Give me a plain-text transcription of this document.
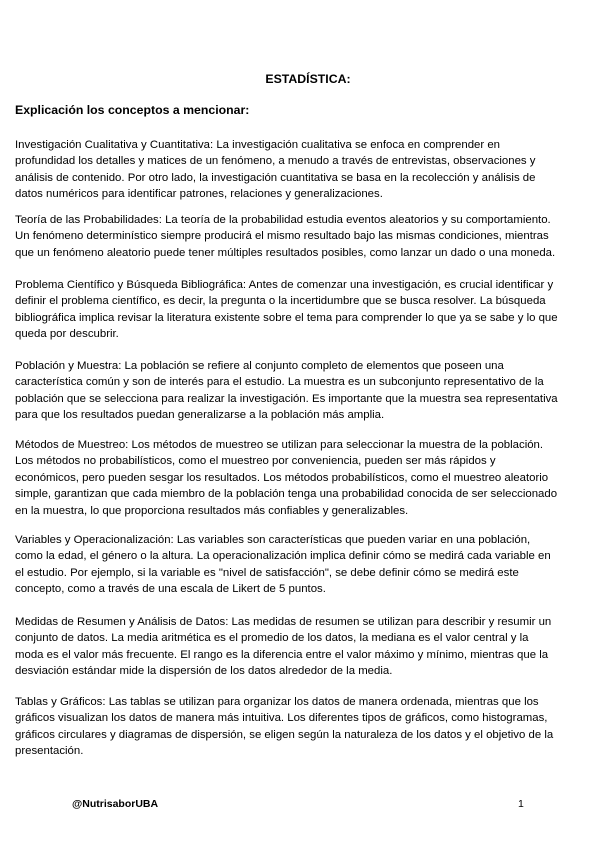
ESTADÍSTICA:
Explicación los conceptos a mencionar:

Investigación Cualitativa y Cuantitativa: La investigación cualitativa se enfoca en comprender en
profundidad los detalles y matices de un fenómeno, a menudo a través de entrevistas, observaciones y
análisis de contenido. Por otro lado, la investigación cuantitativa se basa en la recolección y análisis de
datos numéricos para identificar patrones, relaciones y generalizaciones.

Teoría de las Probabilidades: La teoría de la probabilidad estudia eventos aleatorios y su comportamiento.
Un fenómeno determinístico siempre producirá el mismo resultado bajo las mismas condiciones, mientras
que un fenómeno aleatorio puede tener múltiples resultados posibles, como lanzar un dado o una moneda.

Problema Científico y Búsqueda Bibliográfica: Antes de comenzar una investigación, es crucial identificar y
definir el problema científico, es decir, la pregunta o la incertidumbre que se busca resolver. La búsqueda
bibliográfica implica revisar la literatura existente sobre el tema para comprender lo que ya se sabe y lo que
queda por descubrir.

Población y Muestra: La población se refiere al conjunto completo de elementos que poseen una
característica común y son de interés para el estudio. La muestra es un subconjunto representativo de la
población que se selecciona para realizar la investigación. Es importante que la muestra sea representativa
para que los resultados puedan generalizarse a la población más amplia.

Métodos de Muestreo: Los métodos de muestreo se utilizan para seleccionar la muestra de la población.
Los métodos no probabilísticos, como el muestreo por conveniencia, pueden ser más rápidos y
económicos, pero pueden sesgar los resultados. Los métodos probabilísticos, como el muestreo aleatorio
simple, garantizan que cada miembro de la población tenga una probabilidad conocida de ser seleccionado
en la muestra, lo que proporciona resultados más confiables y generalizables.

Variables y Operacionalización: Las variables son características que pueden variar en una población,
como la edad, el género o la altura. La operacionalización implica definir cómo se medirá cada variable en
el estudio. Por ejemplo, si la variable es "nivel de satisfacción", se debe definir cómo se medirá este
concepto, como a través de una escala de Likert de 5 puntos.

Medidas de Resumen y Análisis de Datos: Las medidas de resumen se utilizan para describir y resumir un
conjunto de datos. La media aritmética es el promedio de los datos, la mediana es el valor central y la
moda es el valor más frecuente. El rango es la diferencia entre el valor máximo y mínimo, mientras que la
desviación estándar mide la dispersión de los datos alrededor de la media.

Tablas y Gráficos: Las tablas se utilizan para organizar los datos de manera ordenada, mientras que los
gráficos visualizan los datos de manera más intuitiva. Los diferentes tipos de gráficos, como histogramas,
gráficos circulares y diagramas de dispersión, se eligen según la naturaleza de los datos y el objetivo de la
presentación.

@NutrisaborUBA	1
